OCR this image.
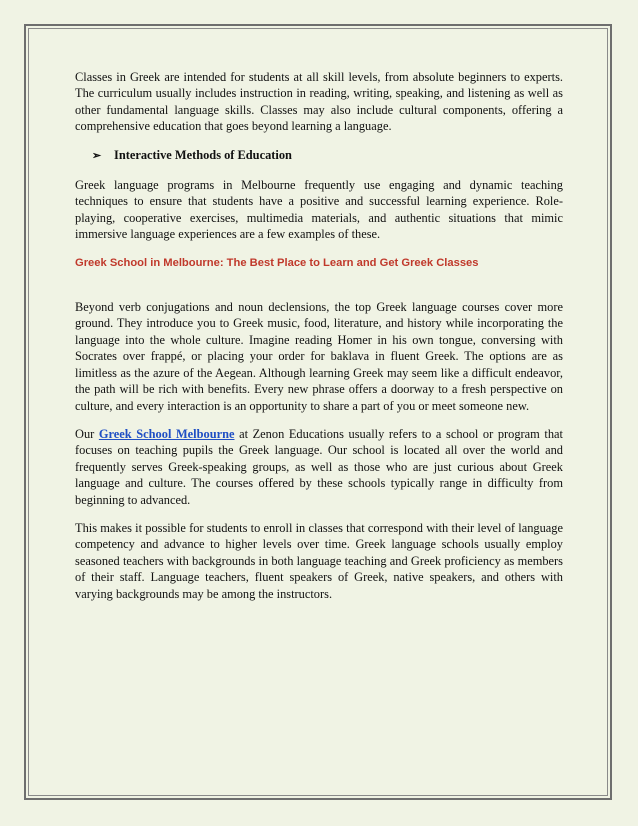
Classes in Greek are intended for students at all skill levels, from absolute beginners to experts. The curriculum usually includes instruction in reading, writing, speaking, and listening as well as other fundamental language skills. Classes may also include cultural components, offering a comprehensive education that goes beyond learning a language.

➢	Interactive Methods of Education

Greek language programs in Melbourne frequently use engaging and dynamic teaching techniques to ensure that students have a positive and successful learning experience. Role-playing, cooperative exercises, multimedia materials, and authentic situations that mimic immersive language experiences are a few examples of these.

Greek School in Melbourne: The Best Place to Learn and Get Greek Classes

Beyond verb conjugations and noun declensions, the top Greek language courses cover more ground. They introduce you to Greek music, food, literature, and history while incorporating the language into the whole culture. Imagine reading Homer in his own tongue, conversing with Socrates over frappé, or placing your order for baklava in fluent Greek. The options are as limitless as the azure of the Aegean. Although learning Greek may seem like a difficult endeavor, the path will be rich with benefits. Every new phrase offers a doorway to a fresh perspective on culture, and every interaction is an opportunity to share a part of you or meet someone new.

Our Greek School Melbourne at Zenon Educations usually refers to a school or program that focuses on teaching pupils the Greek language. Our school is located all over the world and frequently serves Greek-speaking groups, as well as those who are just curious about Greek language and culture. The courses offered by these schools typically range in difficulty from beginning to advanced.

This makes it possible for students to enroll in classes that correspond with their level of language competency and advance to higher levels over time. Greek language schools usually employ seasoned teachers with backgrounds in both language teaching and Greek proficiency as members of their staff. Language teachers, fluent speakers of Greek, native speakers, and others with varying backgrounds may be among the instructors.
